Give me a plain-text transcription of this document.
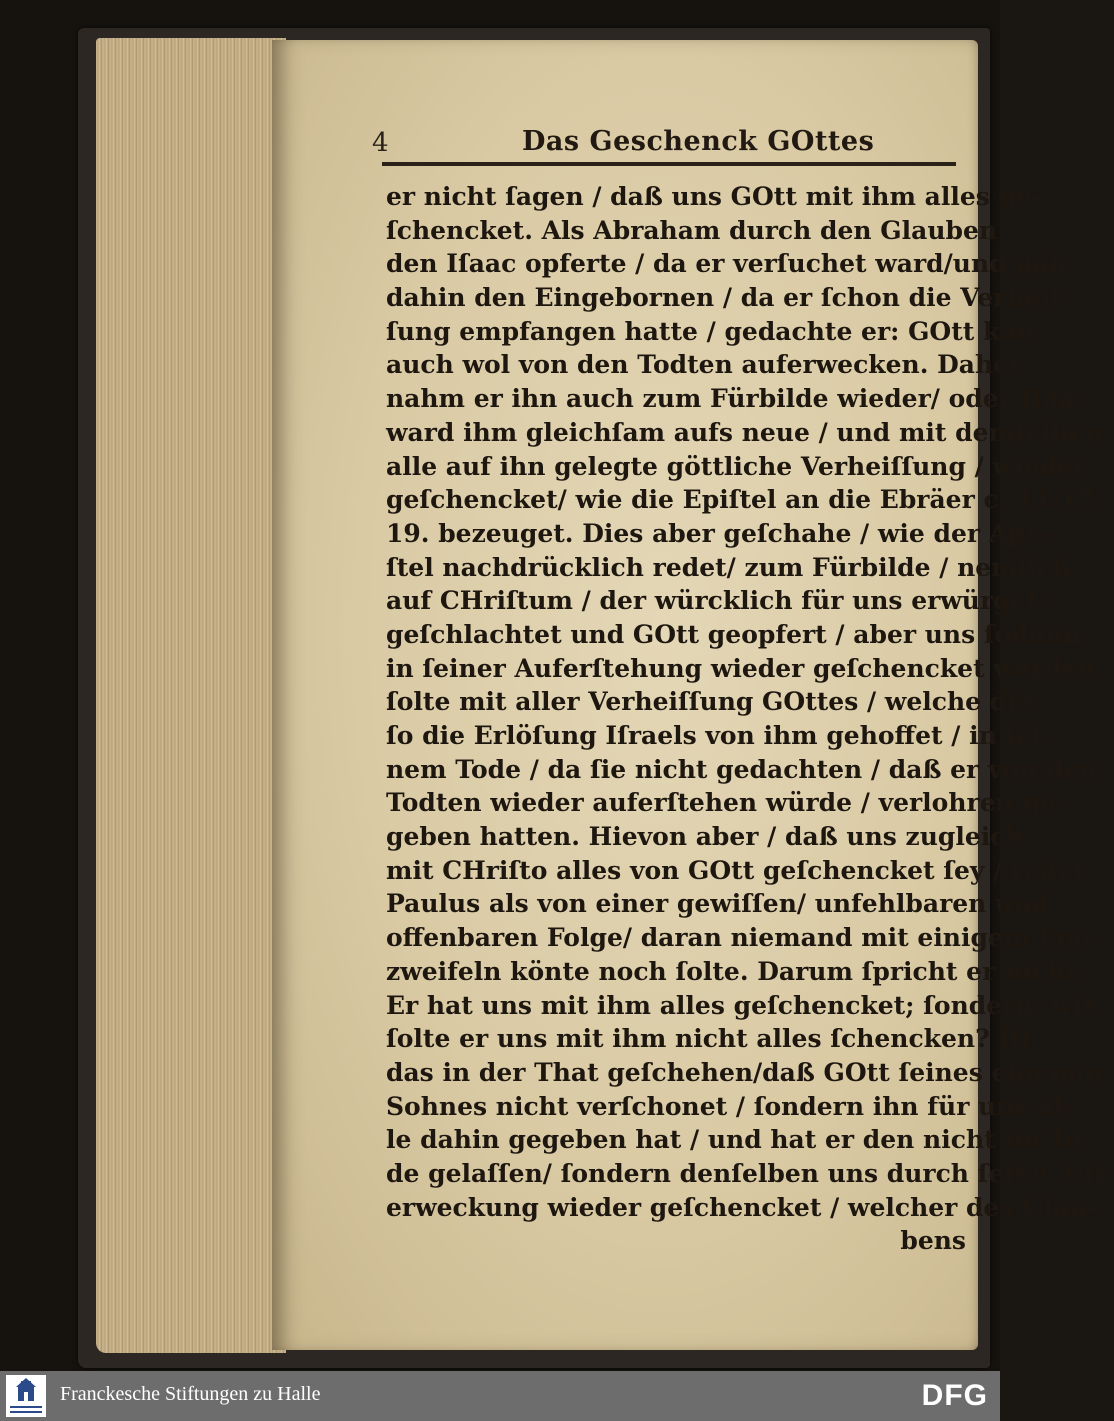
4	Das Geschenck GOttes
er nicht ſagen / daß uns GOtt mit ihm alles ge-
ſchencket. Als Abraham durch den Glauben
den Iſaac opferte / da er verſuchet ward/und gab
dahin den Eingebornen / da er ſchon die Verheiſ-
ſung empfangen hatte / gedachte er: GOtt kan
auch wol von den Todten auferwecken. Daher
nahm er ihn auch zum Fürbilde wieder/ oder Iſaac
ward ihm gleichſam aufs neue / und mit demſelben
alle auf ihn gelegte göttliche Verheiſſung / wieder
geſchencket/ wie die Epiſtel an die Ebräer c. 11/17.
19. bezeuget. Dies aber geſchahe / wie der Apo-
ſtel nachdrücklich redet/ zum Fürbilde / nemlich
auf CHriſtum / der würcklich für uns erwürget /
geſchlachtet und GOtt geopfert / aber uns ſodann
in ſeiner Auferſtehung wieder geſchencket werden
ſolte mit aller Verheiſſung GOttes / welche die/
ſo die Erlöſung Iſraels von ihm gehoffet / in ſei-
nem Tode / da ſie nicht gedachten / daß er von den
Todten wieder auferſtehen würde / verlohren ge-
geben hatten. Hievon aber / daß uns zugleich
mit CHriſto alles von GOtt geſchencket ſey / redet
Paulus als von einer gewiſſen/ unfehlbaren und
offenbaren Folge/ daran niemand mit einigem Fug
zweifeln könte noch ſolte. Darum ſpricht er nicht:
Er hat uns mit ihm alles geſchencket; ſondern: wie
ſolte er uns mit ihm nicht alles ſchencken? Iſt
das in der That geſchehen/daß GOtt ſeines eigenen
Sohnes nicht verſchonet / ſondern ihn für uns al-
le dahin gegeben hat / und hat er den nicht im To-
de gelaſſen/ ſondern denſelben uns durch ſeine Auf-
erweckung wieder geſchencket / welcher des Glau-
bens
Franckesche Stiftungen zu Halle	DFG
